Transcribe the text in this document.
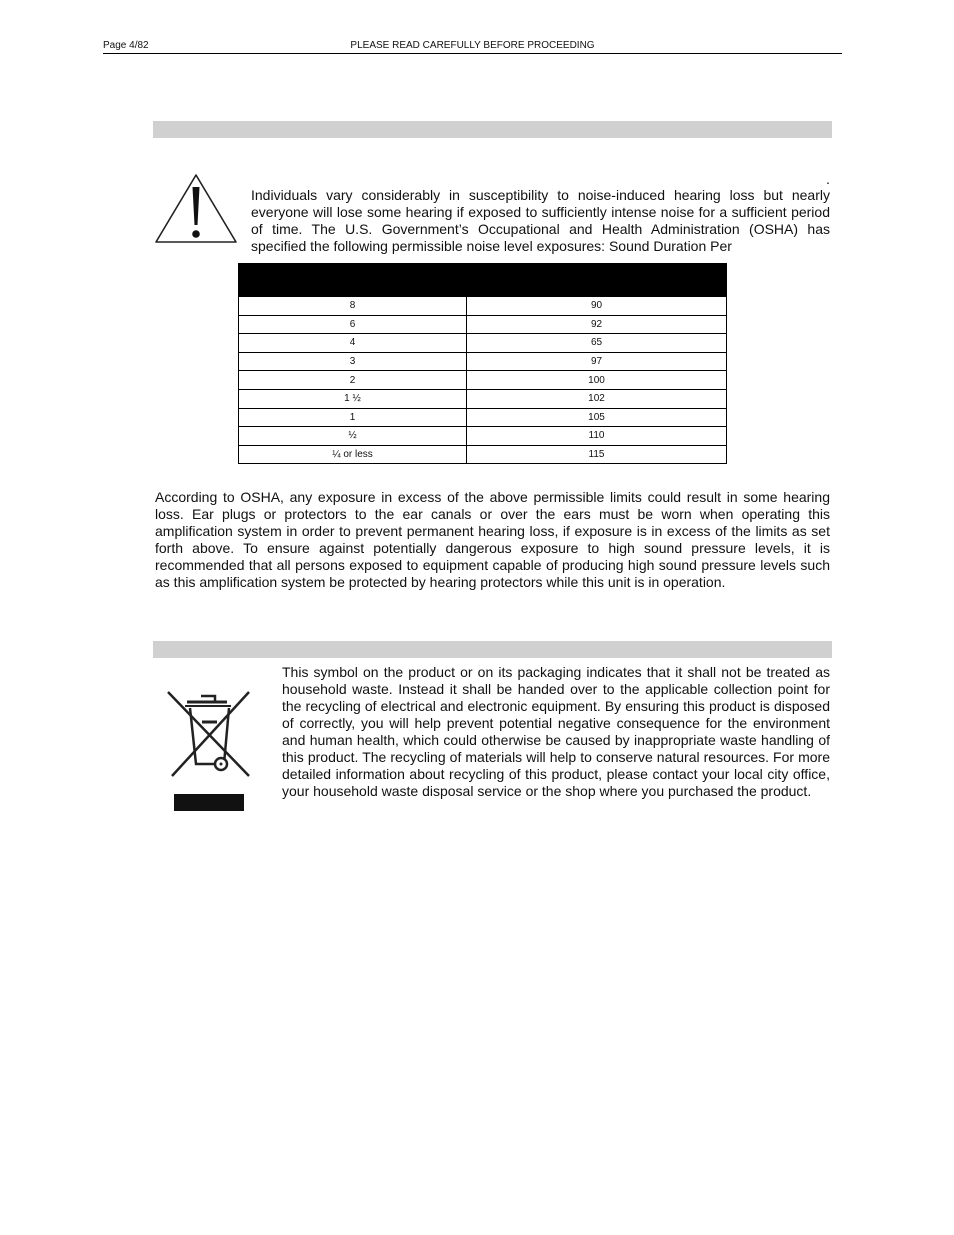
Page 4/82	PLEASE READ CAREFULLY BEFORE PROCEEDING
.

Individuals vary considerably in susceptibility to noise-induced hearing loss but nearly everyone will lose some hearing if exposed to sufficiently intense noise for a sufficient period of time. The U.S. Government’s Occupational and Health Administration (OSHA) has specified the following permissible noise level exposures: Sound Duration Per

8	90
6	92
4	65
3	97
2	100
1 ½	102
1	105
½	110
¼ or less	115

According to OSHA, any exposure in excess of the above permissible limits could result in some hearing loss. Ear plugs or protectors to the ear canals or over the ears must be worn when operating this amplification system in order to prevent permanent hearing loss, if exposure is in excess of the limits as set forth above. To ensure against potentially dangerous exposure to high sound pressure levels, it is recommended that all persons exposed to equipment capable of producing high sound pressure levels such as this amplification system be protected by hearing protectors while this unit is in operation.

This symbol on the product or on its packaging indicates that it shall not be treated as household waste. Instead it shall be handed over to the applicable collection point for the recycling of electrical and electronic equipment. By ensuring this product is disposed of correctly, you will help prevent potential negative consequence for the environment and human health, which could otherwise be caused by inappropriate waste handling of this product. The recycling of materials will help to conserve natural resources. For more detailed information about recycling of this product, please contact your local city office, your household waste disposal service or the shop where you purchased the product.
